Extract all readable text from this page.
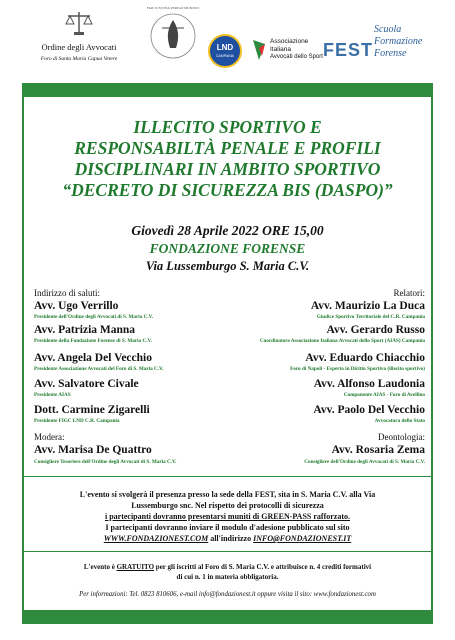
Ordine degli Avvocati
Foro di Santa Maria Capua Vetere
FIAT JUSTITIA PEREAT MUNDUS
LND
CAMPANIA
Associazione
Italiana
Avvocati dello Sport FEST
Scuola
Formazione
Forense
ILLECITO SPORTIVO E
RESPONSABILTÀ PENALE E PROFILI
DISCIPLINARI IN AMBITO SPORTIVO
“DECRETO DI SICUREZZA BIS (DASPO)”
Giovedì 28 Aprile 2022 ORE 15,00
FONDAZIONE FORENSE
Via Lussemburgo S. Maria C.V.
Indirizzo di saluti:	Relatori:
Avv. Ugo Verrillo
Presidente dell'Ordine degli Avvocati di S. Maria C.V.
Avv. Patrizia Manna
Presidente della Fondazione Forense di S. Maria C.V.
Avv. Angela Del Vecchio
Presidente Associazione Avvocati del Foro di S. Maria C.V.
Avv. Salvatore Civale
Presidente AIAS
Dott. Carmine Zigarelli
Presidente FIGC LND C.R. Campania
Avv. Maurizio La Duca
Giudice Sportivo Territoriale del C.R. Campania
Avv. Gerardo Russo
Coordinatore Associazione Italiana Avvocati dello Sport (AIAS) Campania
Avv. Eduardo Chiacchio
Foro di Napoli - Esperto in Diritto Sportivo (illecito sportivo)
Avv. Alfonso Laudonia
Componente AIAS - Foro di Avellino
Avv. Paolo Del Vecchio
Avvocatura dello Stato
Modera:	Deontologia:
Avv. Marisa De Quattro
Consigliere Tesoriere dell'Ordine degli Avvocati di S. Maria C.V.
Avv. Rosaria Zema
Consigliere dell'Ordine degli Avvocati di S. Maria C.V.
L'evento si svolgerà il presenza presso la sede della FEST, sita in S. Maria C.V. alla Via
Lussemburgo snc. Nel rispetto dei protocolli di sicurezza
i partecipanti dovranno presentarsi muniti di GREEN-PASS rafforzato.
I partecipanti dovranno inviare il modulo d'adesione pubblicato sul sito
WWW.FONDAZIONEST.COM all'indirizzo INFO@FONDAZIONEST.IT
L'evento è GRATUITO per gli iscritti al Foro di S. Maria C.V. e attribuisce n. 4 crediti formativi
di cui n. 1 in materia obbligatoria.
Per informazioni: Tel. 0823 810606, e-mail info@fondazionest.it oppure visita il sito: www.fondazionest.com
